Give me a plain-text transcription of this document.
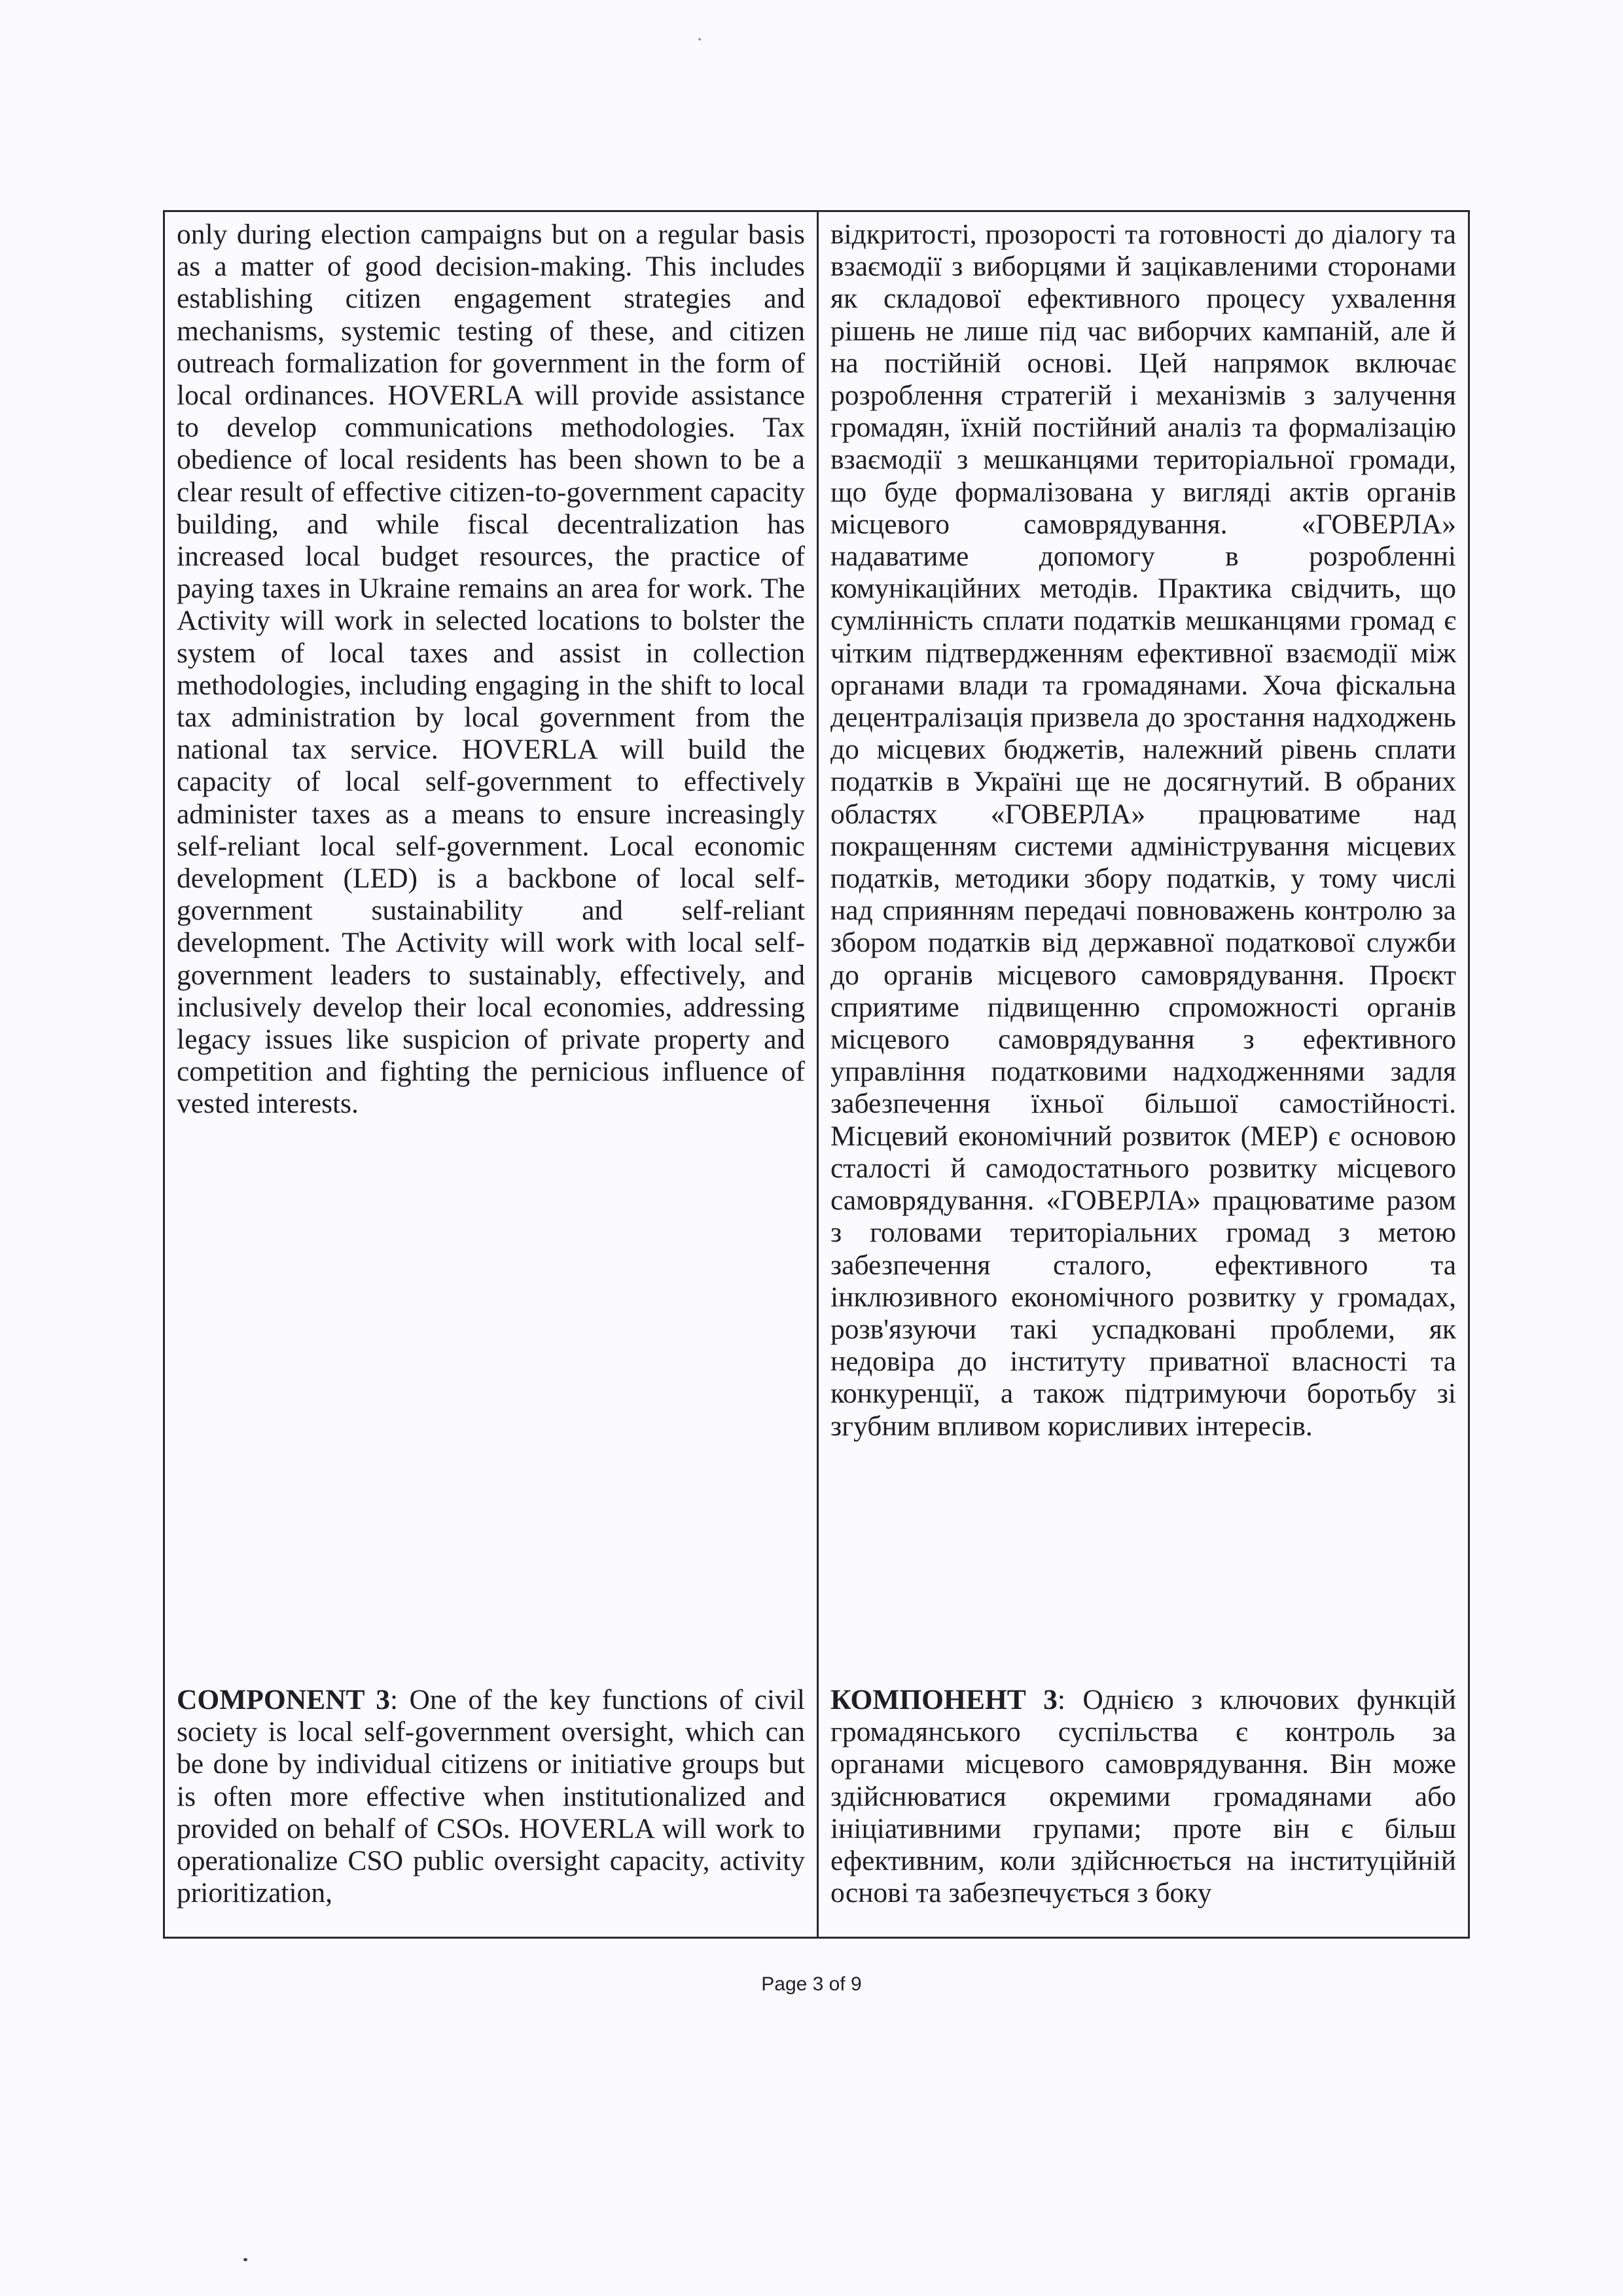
only during election campaigns but on a regular basis as a matter of good decision-making. This includes establishing citizen engagement strategies and mechanisms, systemic testing of these, and citizen outreach formalization for government in the form of local ordinances. HOVERLA will provide assistance to develop communications methodologies. Tax obedience of local residents has been shown to be a clear result of effective citizen-to-government capacity building, and while fiscal decentralization has increased local budget resources, the practice of paying taxes in Ukraine remains an area for work. The Activity will work in selected locations to bolster the system of local taxes and assist in collection methodologies, including engaging in the shift to local tax administration by local government from the national tax service. HOVERLA will build the capacity of local self-government to effectively administer taxes as a means to ensure increasingly self-reliant local self-government. Local economic development (LED) is a backbone of local self-government sustainability and self-reliant development. The Activity will work with local self-government leaders to sustainably, effectively, and inclusively develop their local economies, addressing legacy issues like suspicion of private property and competition and fighting the pernicious influence of vested interests.

COMPONENT 3: One of the key functions of civil society is local self-government oversight, which can be done by individual citizens or initiative groups but is often more effective when institutionalized and provided on behalf of CSOs. HOVERLA will work to operationalize CSO public oversight capacity, activity prioritization,

відкритості, прозорості та готовності до діалогу та взаємодії з виборцями й зацікавленими сторонами як складової ефективного процесу ухвалення рішень не лише під час виборчих кампаній, але й на постійній основі. Цей напрямок включає розроблення стратегій і механізмів з залучення громадян, їхній постійний аналіз та формалізацію взаємодії з мешканцями територіальної громади, що буде формалізована у вигляді актів органів місцевого самоврядування. «ГОВЕРЛА» надаватиме допомогу в розробленні комунікаційних методів. Практика свідчить, що сумлінність сплати податків мешканцями громад є чітким підтвердженням ефективної взаємодії між органами влади та громадянами. Хоча фіскальна децентралізація призвела до зростання надходжень до місцевих бюджетів, належний рівень сплати податків в Україні ще не досягнутий. В обраних областях «ГОВЕРЛА» працюватиме над покращенням системи адміністрування місцевих податків, методики збору податків, у тому числі над сприянням передачі повноважень контролю за збором податків від державної податкової служби до органів місцевого самоврядування. Проєкт сприятиме підвищенню спроможності органів місцевого самоврядування з ефективного управління податковими надходженнями задля забезпечення їхньої більшої самостійності. Місцевий економічний розвиток (МЕР) є основою сталості й самодостатнього розвитку місцевого самоврядування. «ГОВЕРЛА» працюватиме разом з головами територіальних громад з метою забезпечення сталого, ефективного та інклюзивного економічного розвитку у громадах, розв'язуючи такі успадковані проблеми, як недовіра до інституту приватної власності та конкуренції, а також підтримуючи боротьбу зі згубним впливом корисливих інтересів.

КОМПОНЕНТ 3: Однією з ключових функцій громадянського суспільства є контроль за органами місцевого самоврядування. Він може здійснюватися окремими громадянами або ініціативними групами; проте він є більш ефективним, коли здійснюється на інституційній основі та забезпечується з боку

Page 3 of 9
